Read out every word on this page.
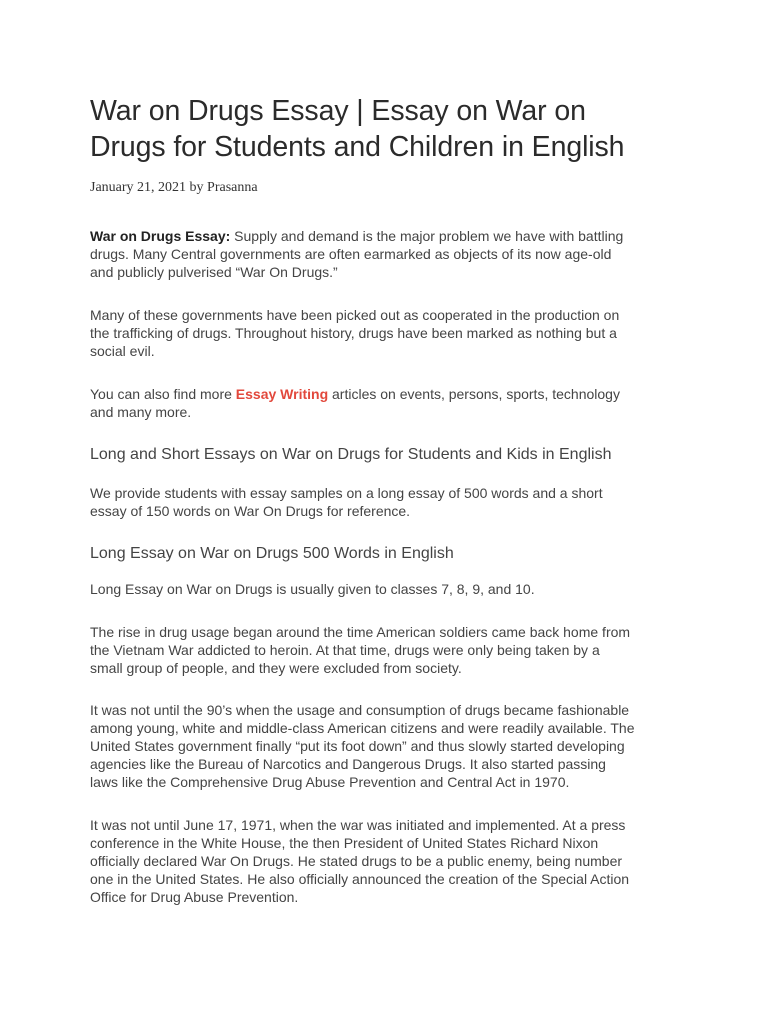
War on Drugs Essay | Essay on War on
Drugs for Students and Children in English
January 21, 2021 by Prasanna

War on Drugs Essay: Supply and demand is the major problem we have with battling
drugs. Many Central governments are often earmarked as objects of its now age-old
and publicly pulverised “War On Drugs.”

Many of these governments have been picked out as cooperated in the production on
the trafficking of drugs. Throughout history, drugs have been marked as nothing but a
social evil.

You can also find more Essay Writing articles on events, persons, sports, technology
and many more.

Long and Short Essays on War on Drugs for Students and Kids in English

We provide students with essay samples on a long essay of 500 words and a short
essay of 150 words on War On Drugs for reference.

Long Essay on War on Drugs 500 Words in English

Long Essay on War on Drugs is usually given to classes 7, 8, 9, and 10.

The rise in drug usage began around the time American soldiers came back home from
the Vietnam War addicted to heroin. At that time, drugs were only being taken by a
small group of people, and they were excluded from society.

It was not until the 90’s when the usage and consumption of drugs became fashionable
among young, white and middle-class American citizens and were readily available. The
United States government finally “put its foot down” and thus slowly started developing
agencies like the Bureau of Narcotics and Dangerous Drugs. It also started passing
laws like the Comprehensive Drug Abuse Prevention and Central Act in 1970.

It was not until June 17, 1971, when the war was initiated and implemented. At a press
conference in the White House, the then President of United States Richard Nixon
officially declared War On Drugs. He stated drugs to be a public enemy, being number
one in the United States. He also officially announced the creation of the Special Action
Office for Drug Abuse Prevention.
